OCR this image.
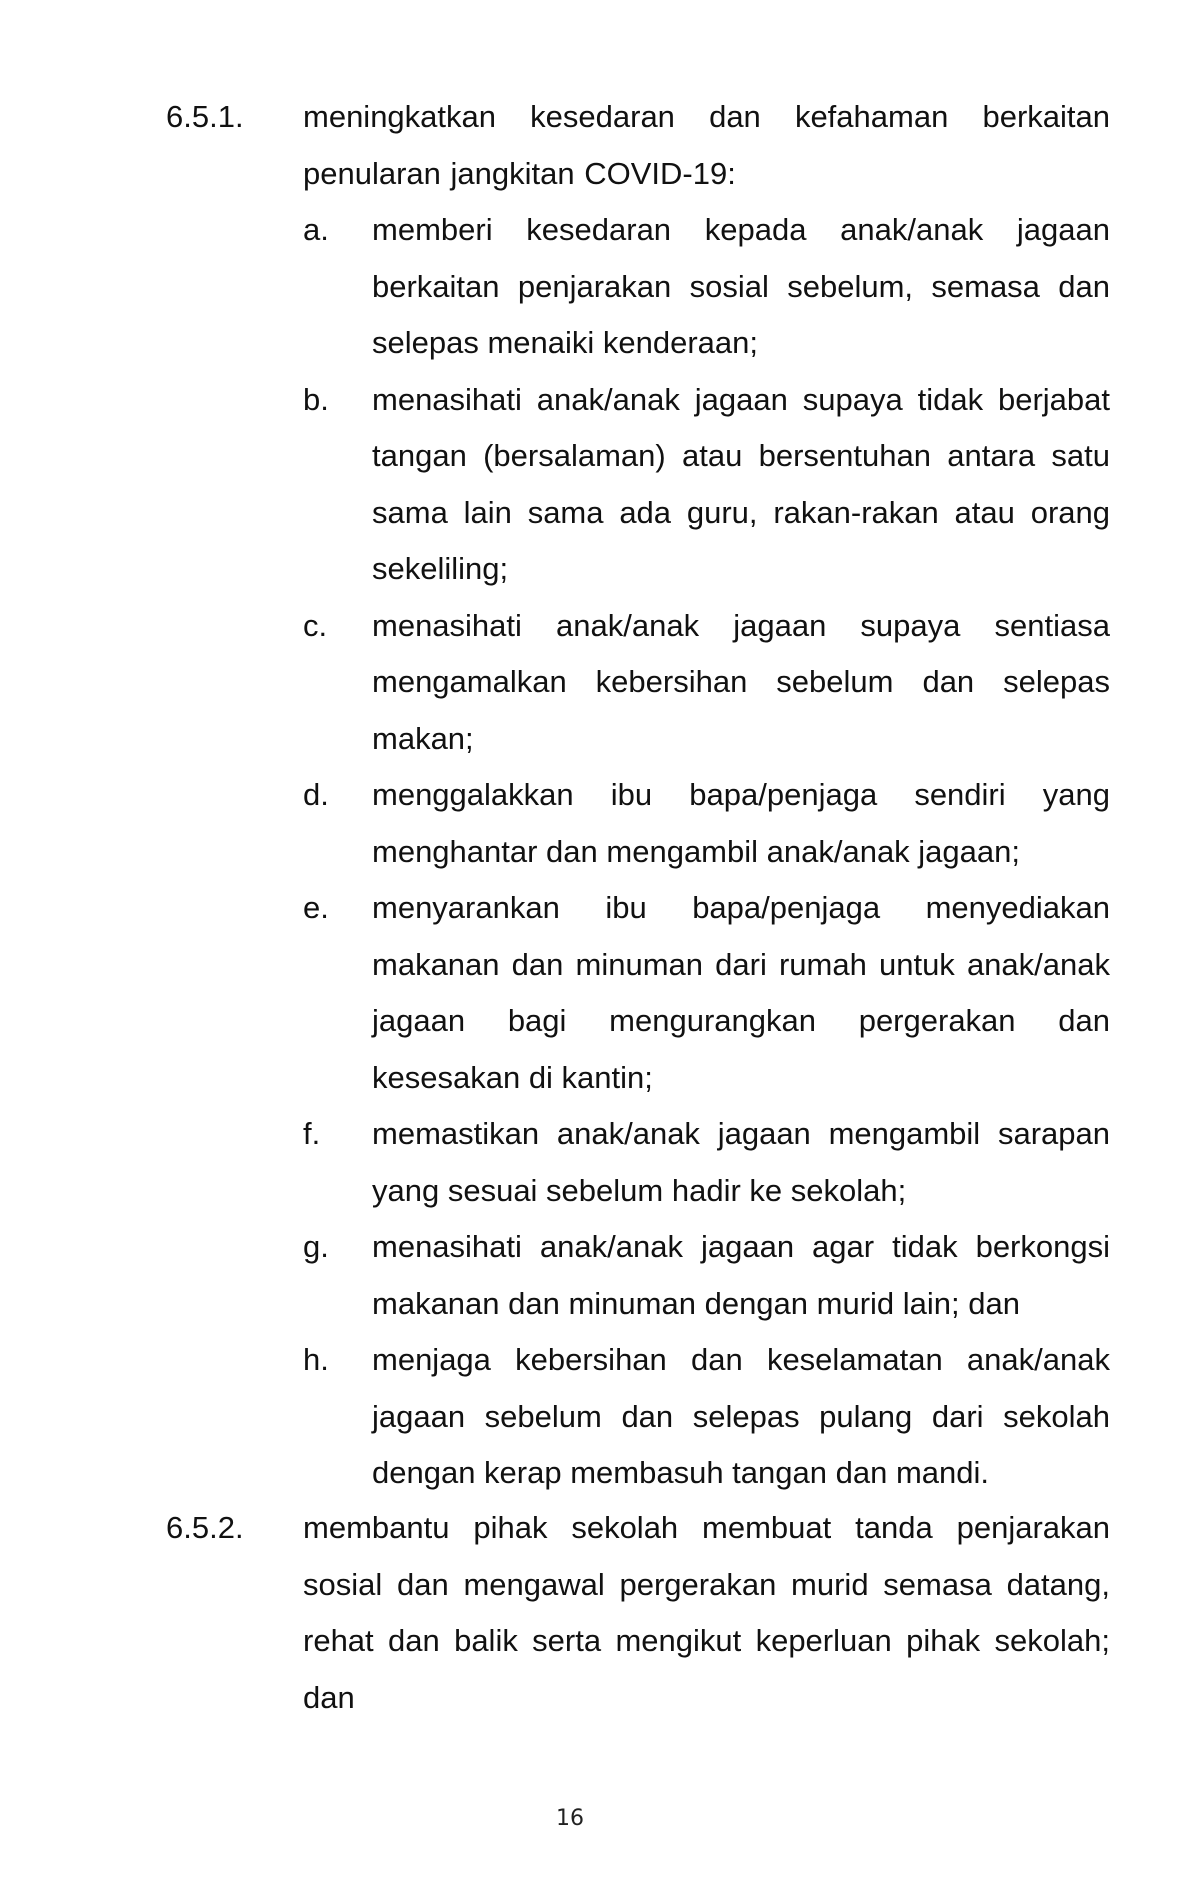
6.5.1. meningkatkan kesedaran dan kefahaman berkaitan penularan jangkitan COVID-19:
a. memberi kesedaran kepada anak/anak jagaan berkaitan penjarakan sosial sebelum, semasa dan selepas menaiki kenderaan;
b. menasihati anak/anak jagaan supaya tidak berjabat tangan (bersalaman) atau bersentuhan antara satu sama lain sama ada guru, rakan-rakan atau orang sekeliling;
c. menasihati anak/anak jagaan supaya sentiasa mengamalkan kebersihan sebelum dan selepas makan;
d. menggalakkan ibu bapa/penjaga sendiri yang menghantar dan mengambil anak/anak jagaan;
e. menyarankan ibu bapa/penjaga menyediakan makanan dan minuman dari rumah untuk anak/anak jagaan bagi mengurangkan pergerakan dan kesesakan di kantin;
f. memastikan anak/anak jagaan mengambil sarapan yang sesuai sebelum hadir ke sekolah;
g. menasihati anak/anak jagaan agar tidak berkongsi makanan dan minuman dengan murid lain; dan
h. menjaga kebersihan dan keselamatan anak/anak jagaan sebelum dan selepas pulang dari sekolah dengan kerap membasuh tangan dan mandi.
6.5.2. membantu pihak sekolah membuat tanda penjarakan sosial dan mengawal pergerakan murid semasa datang, rehat dan balik serta mengikut keperluan pihak sekolah; dan
16
